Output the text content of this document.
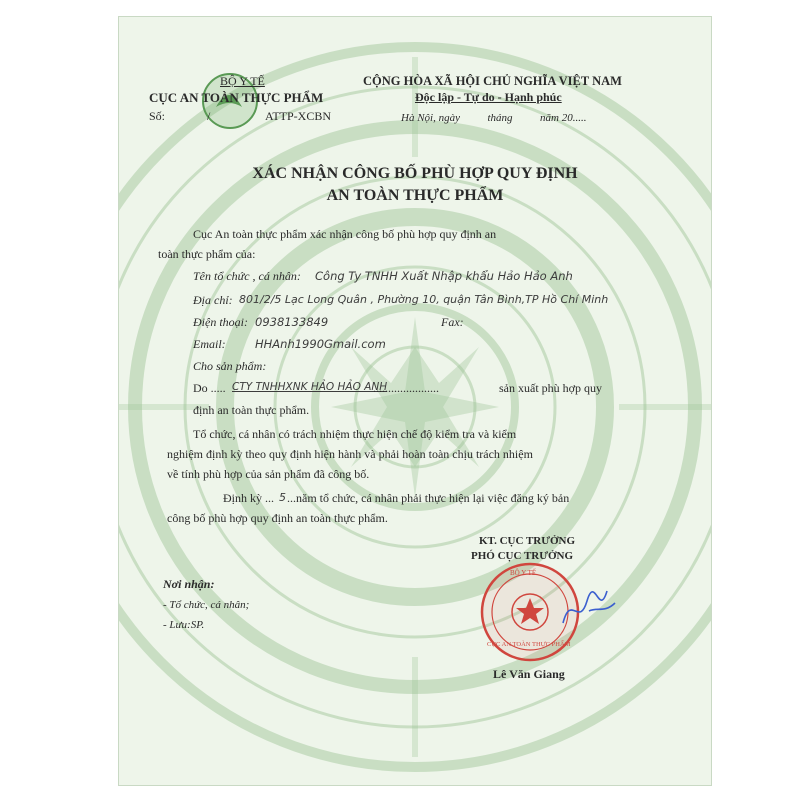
BỘ Y TẾ
CỤC AN TOÀN THỰC PHẨM
Số:	/	ATTP-XCBN
CỘNG HÒA XÃ HỘI CHỦ NGHĨA VIỆT NAM
Độc lập - Tự do - Hạnh phúc
Hà Nội, ngày          tháng          năm 20.....
XÁC NHẬN CÔNG BỐ PHÙ HỢP QUY ĐỊNH
AN TOÀN THỰC PHẨM
Cục An toàn thực phẩm xác nhận công bố phù hợp quy định an
toàn thực phẩm của:
Tên tổ chức , cá nhân: Công Ty TNHH Xuất Nhập khẩu Hảo Hảo Anh
Địa chỉ: 801/2/5 Lạc Long Quân , Phường 10, quận Tân Bình,TP Hồ Chí Minh
Điện thoại: 0938133849	Fax:
Email:	HHAnh1990Gmail.com
Cho sản phẩm:
Do ..... CTY TNHHXNK HẢO HẢO ANH
......................	sản xuất phù hợp quy
định an toàn thực phẩm.
Tổ chức, cá nhân có trách nhiệm thực hiện chế độ kiểm tra và kiểm
nghiệm định kỳ theo quy định hiện hành và phải hoàn toàn chịu trách nhiệm
về tính phù hợp của sản phẩm đã công bố.
Định kỳ ... 5 ...năm tổ chức, cá nhân phải thực hiện lại việc đăng ký bản
công bố phù hợp quy định an toàn thực phẩm.
KT. CỤC TRƯỞNG
PHÓ CỤC TRƯỞNG
BỘ Y TẾ
CỤC AN TOÀN THỰC PHẨM
Lê Văn Giang
Nơi nhận:
- Tổ chức, cá nhân;
- Lưu:SP.
